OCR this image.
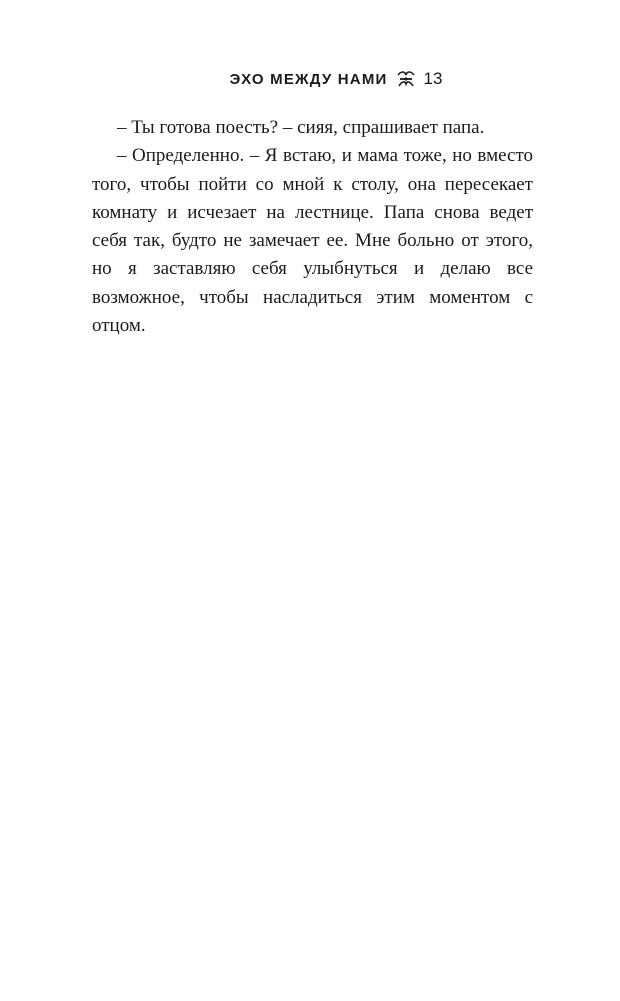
ЭХО МЕЖДУ НАМИ 13

– Ты готова поесть? – сияя, спрашивает папа.

– Определенно. – Я встаю, и мама тоже, но вместо того, чтобы пойти со мной к столу, она пересекает комнату и исчезает на лестнице. Папа снова ведет себя так, будто не замечает ее. Мне больно от этого, но я заставляю себя улыбнуться и делаю все возможное, чтобы насладиться этим моментом с отцом.
